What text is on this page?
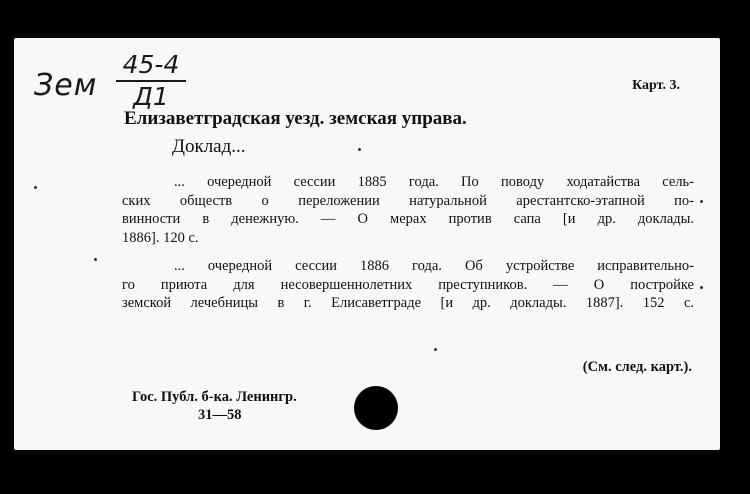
Зем
45-4
Д1	Карт. 3.
Елизаветградская уезд. земская управа.
Доклад...
... очередной сессии 1885 года. По поводу ходатайства сель-
ских обществ о переложении натуральной арестантско-этапной по-
винности в денежную. — О мерах против сапа [и др. доклады.
1886]. 120 с.
... очередной сессии 1886 года. Об устройстве исправительно-
го приюта для несовершеннолетних преступников. — О постройке
земской лечебницы в г. Елисаветграде [и др. доклады. 1887]. 152 с.
(См. след. карт.).
Гос. Публ. б-ка. Ленингр.
31—58
